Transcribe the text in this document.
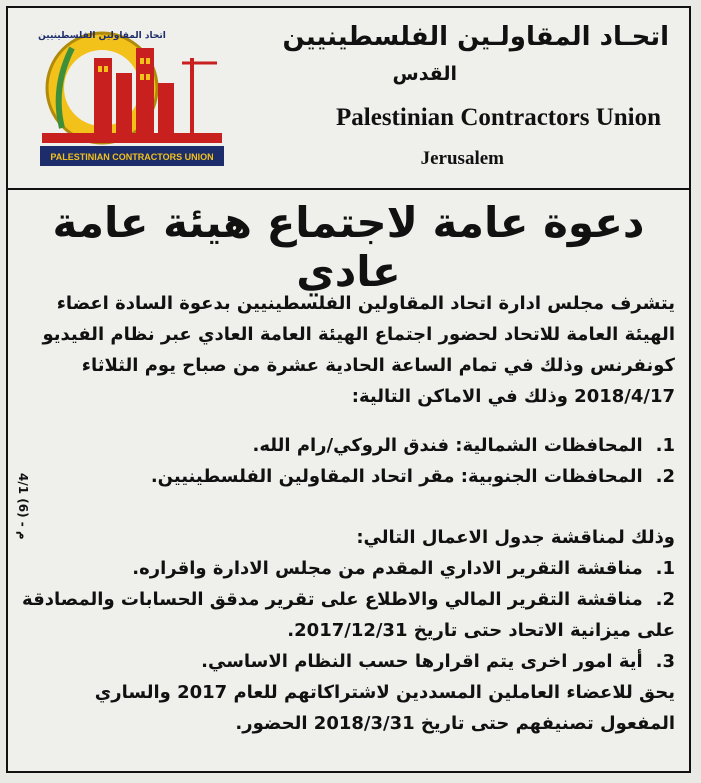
PALESTINIAN CONTRACTORS UNION
اتحاد المقاولين الفلسطينيين	اتحـاد المقاولـين الفلسطينيين
القدس
Palestinian Contractors Union
Jerusalem
دعوة عامة لاجتماع هيئة عامة عادي

يتشرف مجلس ادارة اتحاد المقاولين الفلسطينيين بدعوة السادة اعضاء
الهيئة العامة للاتحاد لحضور اجتماع الهيئة العامة العادي عبر نظام الفيديو
كونفرنس وذلك في تمام الساعة الحادية عشرة من صباح يوم الثلاثاء
2018/4/17 وذلك في الاماكن التالية:

1. المحافظات الشمالية: فندق الروكي/رام الله.
2. المحافظات الجنوبية: مقر اتحاد المقاولين الفلسطينيين.

وذلك لمناقشة جدول الاعمال التالي:

1. مناقشة التقرير الاداري المقدم من مجلس الادارة واقراره.
2. مناقشة التقرير المالي والاطلاع على تقرير مدقق الحسابات والمصادقة
على ميزانية الاتحاد حتى تاريخ 2017/12/31.
3. أية امور اخرى يتم اقرارها حسب النظام الاساسي.

يحق للاعضاء العاملين المسددين لاشتراكاتهم للعام 2017 والساري
المفعول تصنيفهم حتى تاريخ 2018/3/31 الحضور.

4/1 (6) - م
